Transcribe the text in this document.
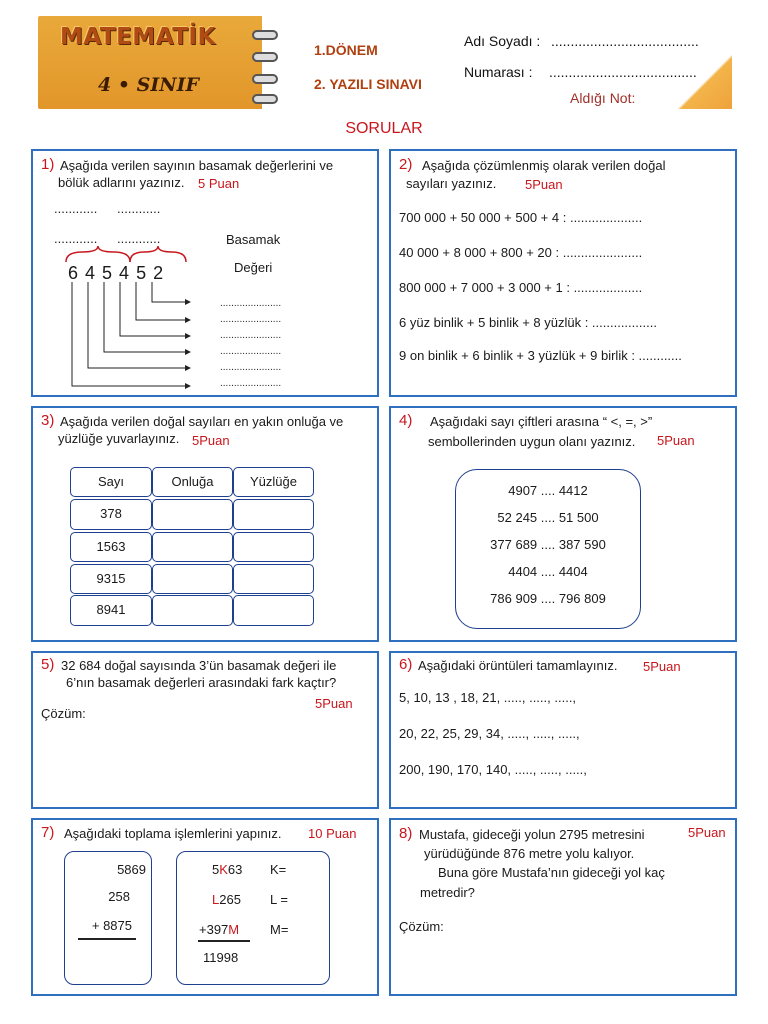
MATEMATİK
4 • SINIF
1.DÖNEM
2. YAZILI SINAVI
Adı Soyadı : ......................................
Numarası : ......................................
Aldığı Not:
SORULAR
1) Aşağıda verilen sayının basamak değerlerini ve
bölük adlarını yazınız. 5 Puan
............ ............
............ ............	Basamak
Değeri
645452
......................
......................
......................
......................
......................
......................
2) Aşağıda çözümlenmiş olarak verilen doğal
sayıları yazınız. 5Puan
700 000 + 50 000 + 500 + 4 : ....................
40 000 + 8 000 + 800 + 20 : ......................
800 000 + 7 000 + 3 000 + 1 : ...................
6 yüz binlik + 5 binlik + 8 yüzlük : ..................
9 on binlik + 6 binlik + 3 yüzlük + 9 birlik : ............
3) Aşağıda verilen doğal sayıları en yakın onluğa ve
yüzlüğe yuvarlayınız. 5Puan
Sayı	Onluğa	Yüzlüğe
378
1563
9315
8941
4) Aşağıdaki sayı çiftleri arasına “ <, =, >”
sembollerinden uygun olanı yazınız. 5Puan
4907 .... 4412
52 245 .... 51 500
377 689 .... 387 590
4404 .... 4404
786 909 .... 796 809
5) 32 684 doğal sayısında 3’ün basamak değeri ile
6’nın basamak değerleri arasındaki fark kaçtır?
5Puan
Çözüm:
6) Aşağıdaki örüntüleri tamamlayınız. 5Puan
5, 10, 13 , 18, 21, ....., ....., .....,
20, 22, 25, 29, 34, ....., ....., .....,
200, 190, 170, 140, ....., ....., .....,
7) Aşağıdaki toplama işlemlerini yapınız. 10 Puan
5869
258
+ 8875
5K63
L265
+397M
11998
K=
L =
M=
8) Mustafa, gideceği yolun 2795 metresini
yürüdüğünde 876 metre yolu kalıyor.
Buna göre Mustafa’nın gideceği yol kaç
metredir?
5Puan
Çözüm:
